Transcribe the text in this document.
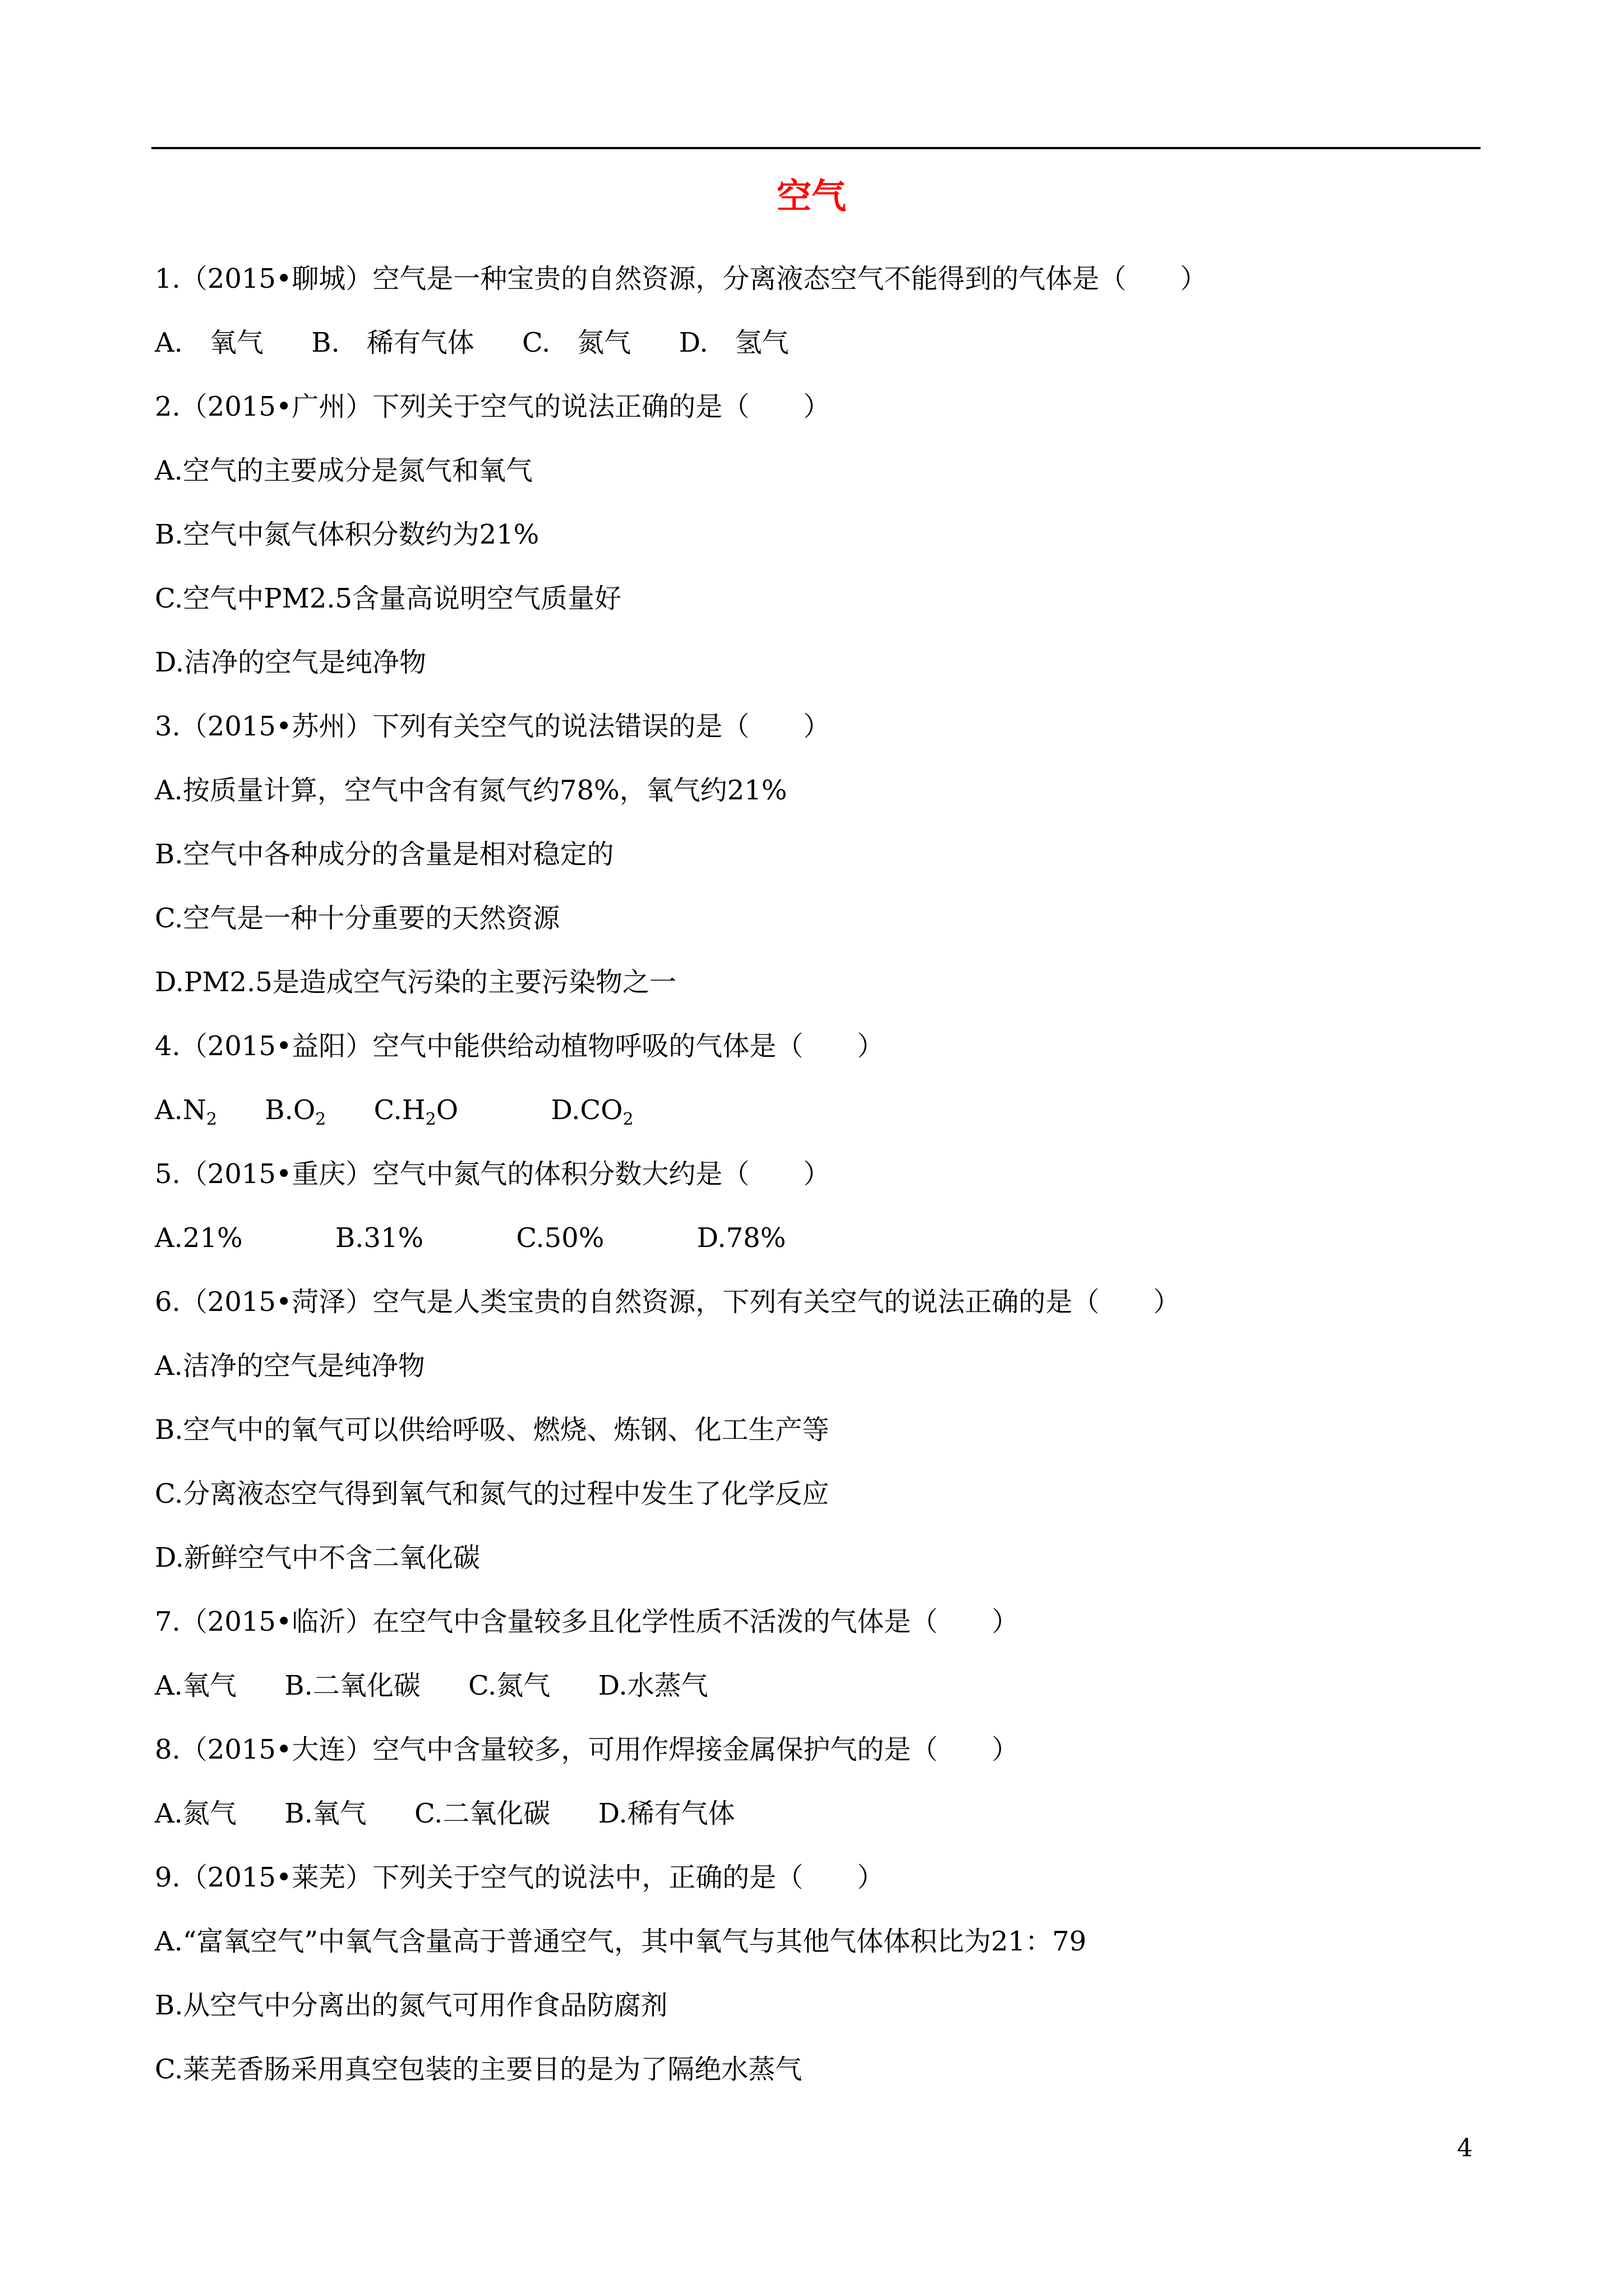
空气
1.（2015•聊城）空气是一种宝贵的自然资源，分离液态空气不能得到的气体是（　　）
A.　氧气 B.　稀有气体 C.　氮气 D.　氢气
2.（2015•广州）下列关于空气的说法正确的是（　　）
A.空气的主要成分是氮气和氧气
B.空气中氮气体积分数约为21%
C.空气中PM2.5含量高说明空气质量好
D.洁净的空气是纯净物
3.（2015•苏州）下列有关空气的说法错误的是（　　）
A.按质量计算，空气中含有氮气约78%，氧气约21%
B.空气中各种成分的含量是相对稳定的
C.空气是一种十分重要的天然资源
D.PM2.5是造成空气污染的主要污染物之一
4.（2015•益阳）空气中能供给动植物呼吸的气体是（　　）
$A.N_2$ $B.O_2$ $C.H_2O$	$D.CO_2$
5.（2015•重庆）空气中氮气的体积分数大约是（　　）
A.21%	B.31%	C.50%	D.78%
6.（2015•菏泽）空气是人类宝贵的自然资源，下列有关空气的说法正确的是（　　）
A.洁净的空气是纯净物
B.空气中的氧气可以供给呼吸、燃烧、炼钢、化工生产等
C.分离液态空气得到氧气和氮气的过程中发生了化学反应
D.新鲜空气中不含二氧化碳
7.（2015•临沂）在空气中含量较多且化学性质不活泼的气体是（　　）
A.氧气 B.二氧化碳 C.氮气 D.水蒸气
8.（2015•大连）空气中含量较多，可用作焊接金属保护气的是（　　）
A.氮气 B.氧气 C.二氧化碳 D.稀有气体
9.（2015•莱芜）下列关于空气的说法中，正确的是（　　）
A.“富氧空气”中氧气含量高于普通空气，其中氧气与其他气体体积比为21：79
B.从空气中分离出的氮气可用作食品防腐剂
C.莱芜香肠采用真空包装的主要目的是为了隔绝水蒸气
4
